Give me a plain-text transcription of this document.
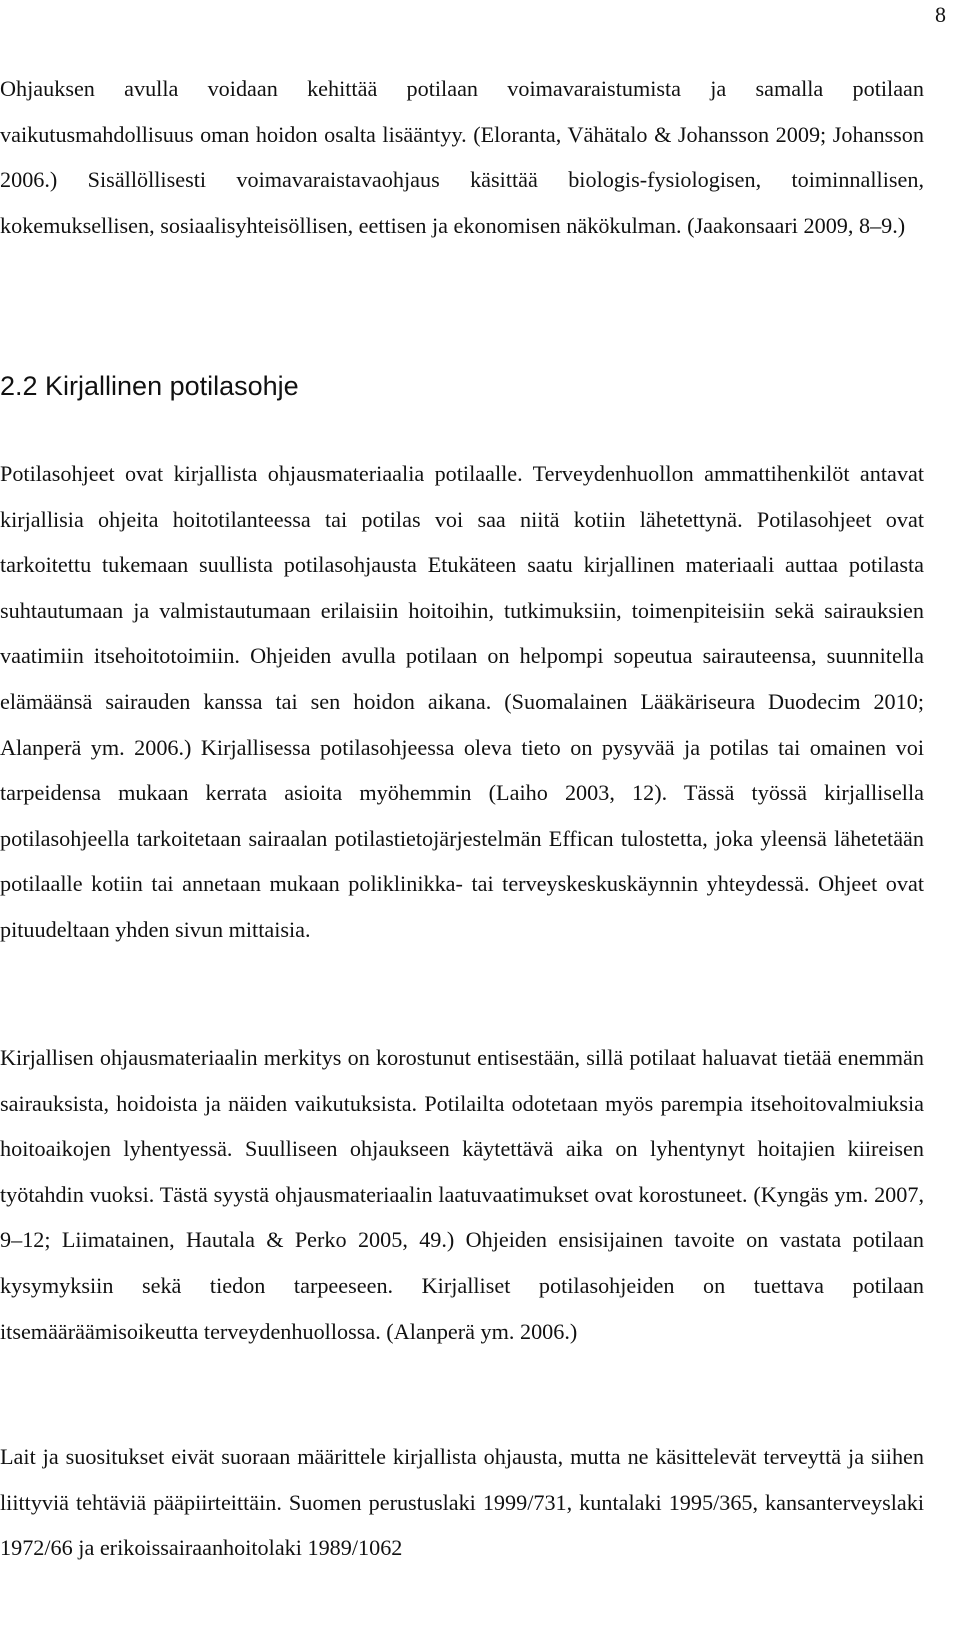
8

Ohjauksen avulla voidaan kehittää potilaan voimavaraistumista ja samalla potilaan vaikutusmahdollisuus oman hoidon osalta lisääntyy. (Eloranta, Vähätalo & Johansson 2009; Johansson 2006.) Sisällöllisesti voimavaraistavaohjaus käsittää biologis-fysiologisen, toiminnallisen, kokemuksellisen, sosiaalisyhteisöllisen, eettisen ja ekonomisen näkökulman. (Jaakonsaari 2009, 8–9.)

2.2 Kirjallinen potilasohje

Potilasohjeet ovat kirjallista ohjausmateriaalia potilaalle. Terveydenhuollon ammattihenkilöt antavat kirjallisia ohjeita hoitotilanteessa tai potilas voi saa niitä kotiin lähetettynä. Potilasohjeet ovat tarkoitettu tukemaan suullista potilasohjausta Etukäteen saatu kirjallinen materiaali auttaa potilasta suhtautumaan ja valmistautumaan erilaisiin hoitoihin, tutkimuksiin, toimenpiteisiin sekä sairauksien vaatimiin itsehoitotoimiin. Ohjeiden avulla potilaan on helpompi sopeutua sairauteensa, suunnitella elämäänsä sairauden kanssa tai sen hoidon aikana. (Suomalainen Lääkäriseura Duodecim 2010; Alanperä ym. 2006.) Kirjallisessa potilasohjeessa oleva tieto on pysyvää ja potilas tai omainen voi tarpeidensa mukaan kerrata asioita myöhemmin (Laiho 2003, 12). Tässä työssä kirjallisella potilasohjeella tarkoitetaan sairaalan potilastietojärjestelmän Effican tulostetta, joka yleensä lähetetään potilaalle kotiin tai annetaan mukaan poliklinikka- tai terveyskeskuskäynnin yhteydessä. Ohjeet ovat pituudeltaan yhden sivun mittaisia.

Kirjallisen ohjausmateriaalin merkitys on korostunut entisestään, sillä potilaat haluavat tietää enemmän sairauksista, hoidoista ja näiden vaikutuksista. Potilailta odotetaan myös parempia itsehoitovalmiuksia hoitoaikojen lyhentyessä. Suulliseen ohjaukseen käytettävä aika on lyhentynyt hoitajien kiireisen työtahdin vuoksi. Tästä syystä ohjausmateriaalin laatuvaatimukset ovat korostuneet. (Kyngäs ym. 2007, 9–12; Liimatainen, Hautala & Perko 2005, 49.) Ohjeiden ensisijainen tavoite on vastata potilaan kysymyksiin sekä tiedon tarpeeseen. Kirjalliset potilasohjeiden on tuettava potilaan itsemääräämisoikeutta terveydenhuollossa. (Alanperä ym. 2006.)

Lait ja suositukset eivät suoraan määrittele kirjallista ohjausta, mutta ne käsittelevät terveyttä ja siihen liittyviä tehtäviä pääpiirteittäin. Suomen perustuslaki 1999/731, kuntalaki 1995/365, kansanterveyslaki 1972/66 ja erikoissairaanhoitolaki 1989/1062
